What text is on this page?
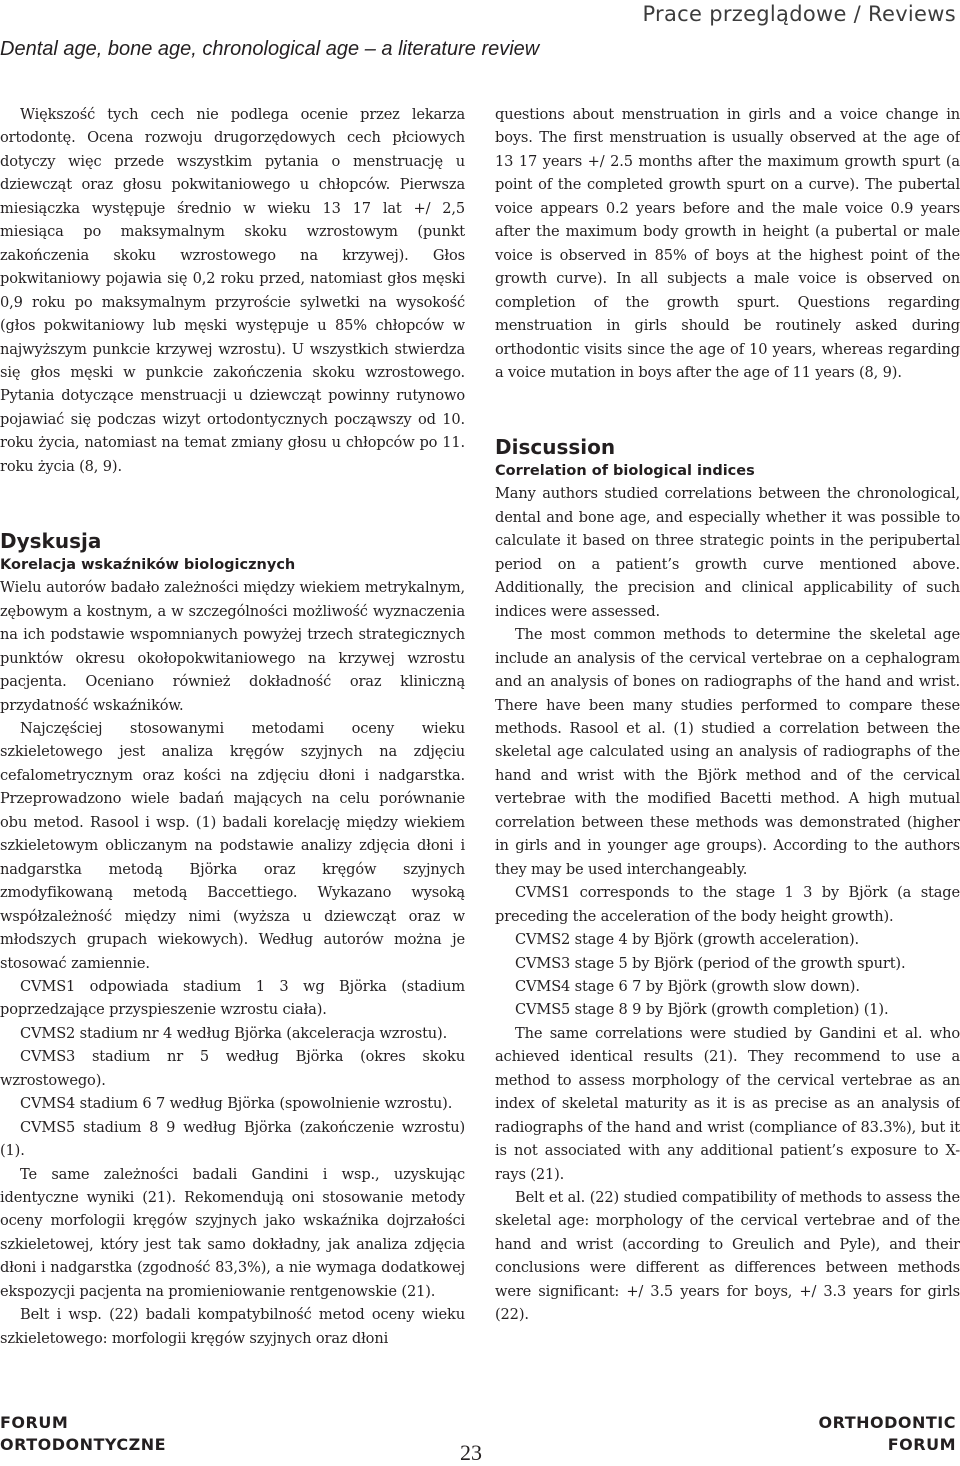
Prace przeglądowe / Reviews
Dental age, bone age, chronological age – a literature review

Większość tych cech nie podlega ocenie przez lekarza ortodontę. Ocena rozwoju drugorzędowych cech płciowych dotyczy więc przede wszystkim pytania o menstruację u dziewcząt oraz głosu pokwitaniowego u chłopców. Pierwsza miesiączka występuje średnio w wieku 13 17 lat +/ 2,5 miesiąca po maksymalnym skoku wzrostowym (punkt zakończenia skoku wzrostowego na krzywej). Głos pokwitaniowy pojawia się 0,2 roku przed, natomiast głos męski 0,9 roku po maksymalnym przyroście sylwetki na wysokość (głos pokwitaniowy lub męski występuje u 85% chłopców w najwyższym punkcie krzywej wzrostu). U wszystkich stwierdza się głos męski w punkcie zakończenia skoku wzrostowego. Pytania dotyczące menstruacji u dziewcząt powinny rutynowo pojawiać się podczas wizyt ortodontycznych począwszy od 10. roku życia, natomiast na temat zmiany głosu u chłopców po 11. roku życia (8, 9).

Dyskusja
Korelacja wskaźników biologicznych

Wielu autorów badało zależności między wiekiem metrykalnym, zębowym a kostnym, a w szczególności możliwość wyznaczenia na ich podstawie wspomnianych powyżej trzech strategicznych punktów okresu okołopokwitaniowego na krzywej wzrostu pacjenta. Oceniano również dokładność oraz kliniczną przydatność wskaźników.

Najczęściej stosowanymi metodami oceny wieku szkieletowego jest analiza kręgów szyjnych na zdjęciu cefalometrycznym oraz kości na zdjęciu dłoni i nadgarstka. Przeprowadzono wiele badań mających na celu porównanie obu metod. Rasool i wsp. (1) badali korelację między wiekiem szkieletowym obliczanym na podstawie analizy zdjęcia dłoni i nadgarstka metodą Björka oraz kręgów szyjnych zmodyfikowaną metodą Baccettiego. Wykazano wysoką współzależność między nimi (wyższa u dziewcząt oraz w młodszych grupach wiekowych). Według autorów można je stosować zamiennie.

CVMS1 odpowiada stadium 1 3 wg Björka (stadium poprzedzające przyspieszenie wzrostu ciała).

CVMS2 stadium nr 4 według Björka (akceleracja wzrostu).

CVMS3 stadium nr 5 według Björka (okres skoku wzrostowego).

CVMS4 stadium 6 7 według Björka (spowolnienie wzrostu).

CVMS5 stadium 8 9 według Björka (zakończenie wzrostu) (1).

Te same zależności badali Gandini i wsp., uzyskując identyczne wyniki (21). Rekomendują oni stosowanie metody oceny morfologii kręgów szyjnych jako wskaźnika dojrzałości szkieletowej, który jest tak samo dokładny, jak analiza zdjęcia dłoni i nadgarstka (zgodność 83,3%), a nie wymaga dodatkowej ekspozycji pacjenta na promieniowanie rentgenowskie (21).

Belt i wsp. (22) badali kompatybilność metod oceny wieku szkieletowego: morfologii kręgów szyjnych oraz dłoni

questions about menstruation in girls and a voice change in boys. The first menstruation is usually observed at the age of 13 17 years +/ 2.5 months after the maximum growth spurt (a point of the completed growth spurt on a curve). The pubertal voice appears 0.2 years before and the male voice 0.9 years after the maximum body growth in height (a pubertal or male voice is observed in 85% of boys at the highest point of the growth curve). In all subjects a male voice is observed on completion of the growth spurt. Questions regarding menstruation in girls should be routinely asked during orthodontic visits since the age of 10 years, whereas regarding a voice mutation in boys after the age of 11 years (8, 9).

Discussion
Correlation of biological indices

Many authors studied correlations between the chronological, dental and bone age, and especially whether it was possible to calculate it based on three strategic points in the peripubertal period on a patient’s growth curve mentioned above. Additionally, the precision and clinical applicability of such indices were assessed.

The most common methods to determine the skeletal age include an analysis of the cervical vertebrae on a cephalogram and an analysis of bones on radiographs of the hand and wrist. There have been many studies performed to compare these methods. Rasool et al. (1) studied a correlation between the skeletal age calculated using an analysis of radiographs of the hand and wrist with the Björk method and of the cervical vertebrae with the modified Bacetti method. A high mutual correlation between these methods was demonstrated (higher in girls and in younger age groups). According to the authors they may be used interchangeably.

CVMS1 corresponds to the stage 1 3 by Björk (a stage preceding the acceleration of the body height growth).

CVMS2 stage 4 by Björk (growth acceleration).

CVMS3 stage 5 by Björk (period of the growth spurt).

CVMS4 stage 6 7 by Björk (growth slow down).

CVMS5 stage 8 9 by Björk (growth completion) (1).

The same correlations were studied by Gandini et al. who achieved identical results (21). They recommend to use a method to assess morphology of the cervical vertebrae as an index of skeletal maturity as it is as precise as an analysis of radiographs of the hand and wrist (compliance of 83.3%), but it is not associated with any additional patient’s exposure to X-rays (21).

Belt et al. (22) studied compatibility of methods to assess the skeletal age: morphology of the cervical vertebrae and of the hand and wrist (according to Greulich and Pyle), and their conclusions were different as differences between methods were significant: +/ 3.5 years for boys, +/ 3.3 years for girls (22).

FORUM
ORTODONTYCZNE	23
ORTHODONTIC
FORUM
